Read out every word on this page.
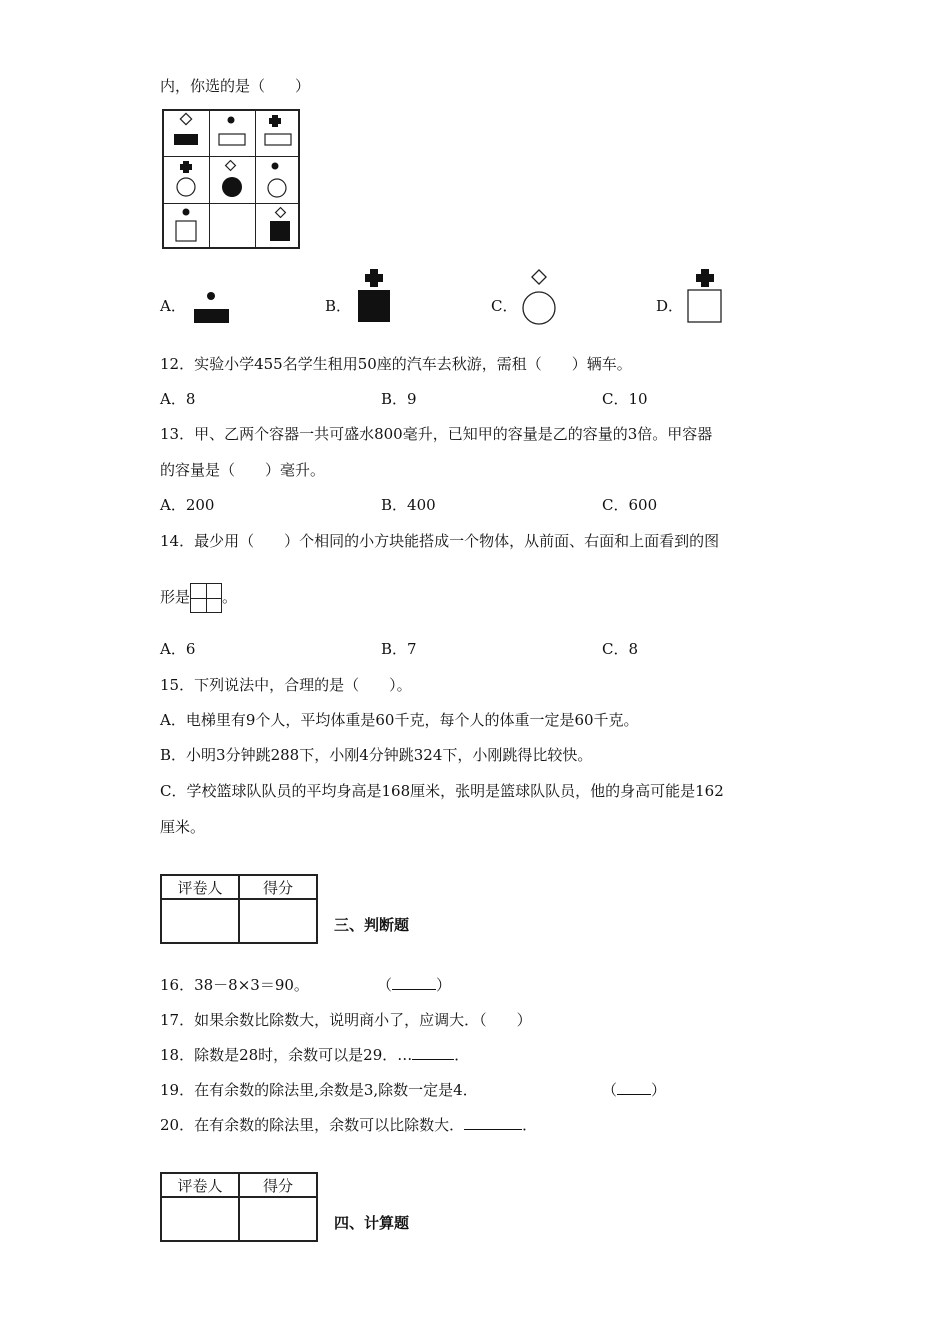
内，你选的是（　　）
A．	B．	C．	D．
12．实验小学455名学生租用50座的汽车去秋游，需租（　　）辆车。
A．8	B．9	C．10
13．甲、乙两个容器一共可盛水800毫升，已知甲的容量是乙的容量的3倍。甲容器
的容量是（　　）毫升。
A．200	B．400	C．600
14．最少用（　　）个相同的小方块能搭成一个物体，从前面、右面和上面看到的图
形是 。
A．6	B．7	C．8
15．下列说法中，合理的是（　　）。
A．电梯里有9个人，平均体重是60千克，每个人的体重一定是60千克。
B．小明3分钟跳288下，小刚4分钟跳324下，小刚跳得比较快。
C．学校篮球队队员的平均身高是168厘米，张明是篮球队队员，他的身高可能是162
厘米。
评卷人	得分

三、判断题
16．38－8×3＝90。	（	）
17．如果余数比除数大，说明商小了，应调大．（　　）
18．除数是28时，余数可以是29．…	．
19．在有余数的除法里,余数是3,除数一定是4．	（ ）
20．在有余数的除法里，余数可以比除数大．	．
评卷人	得分

四、计算题
